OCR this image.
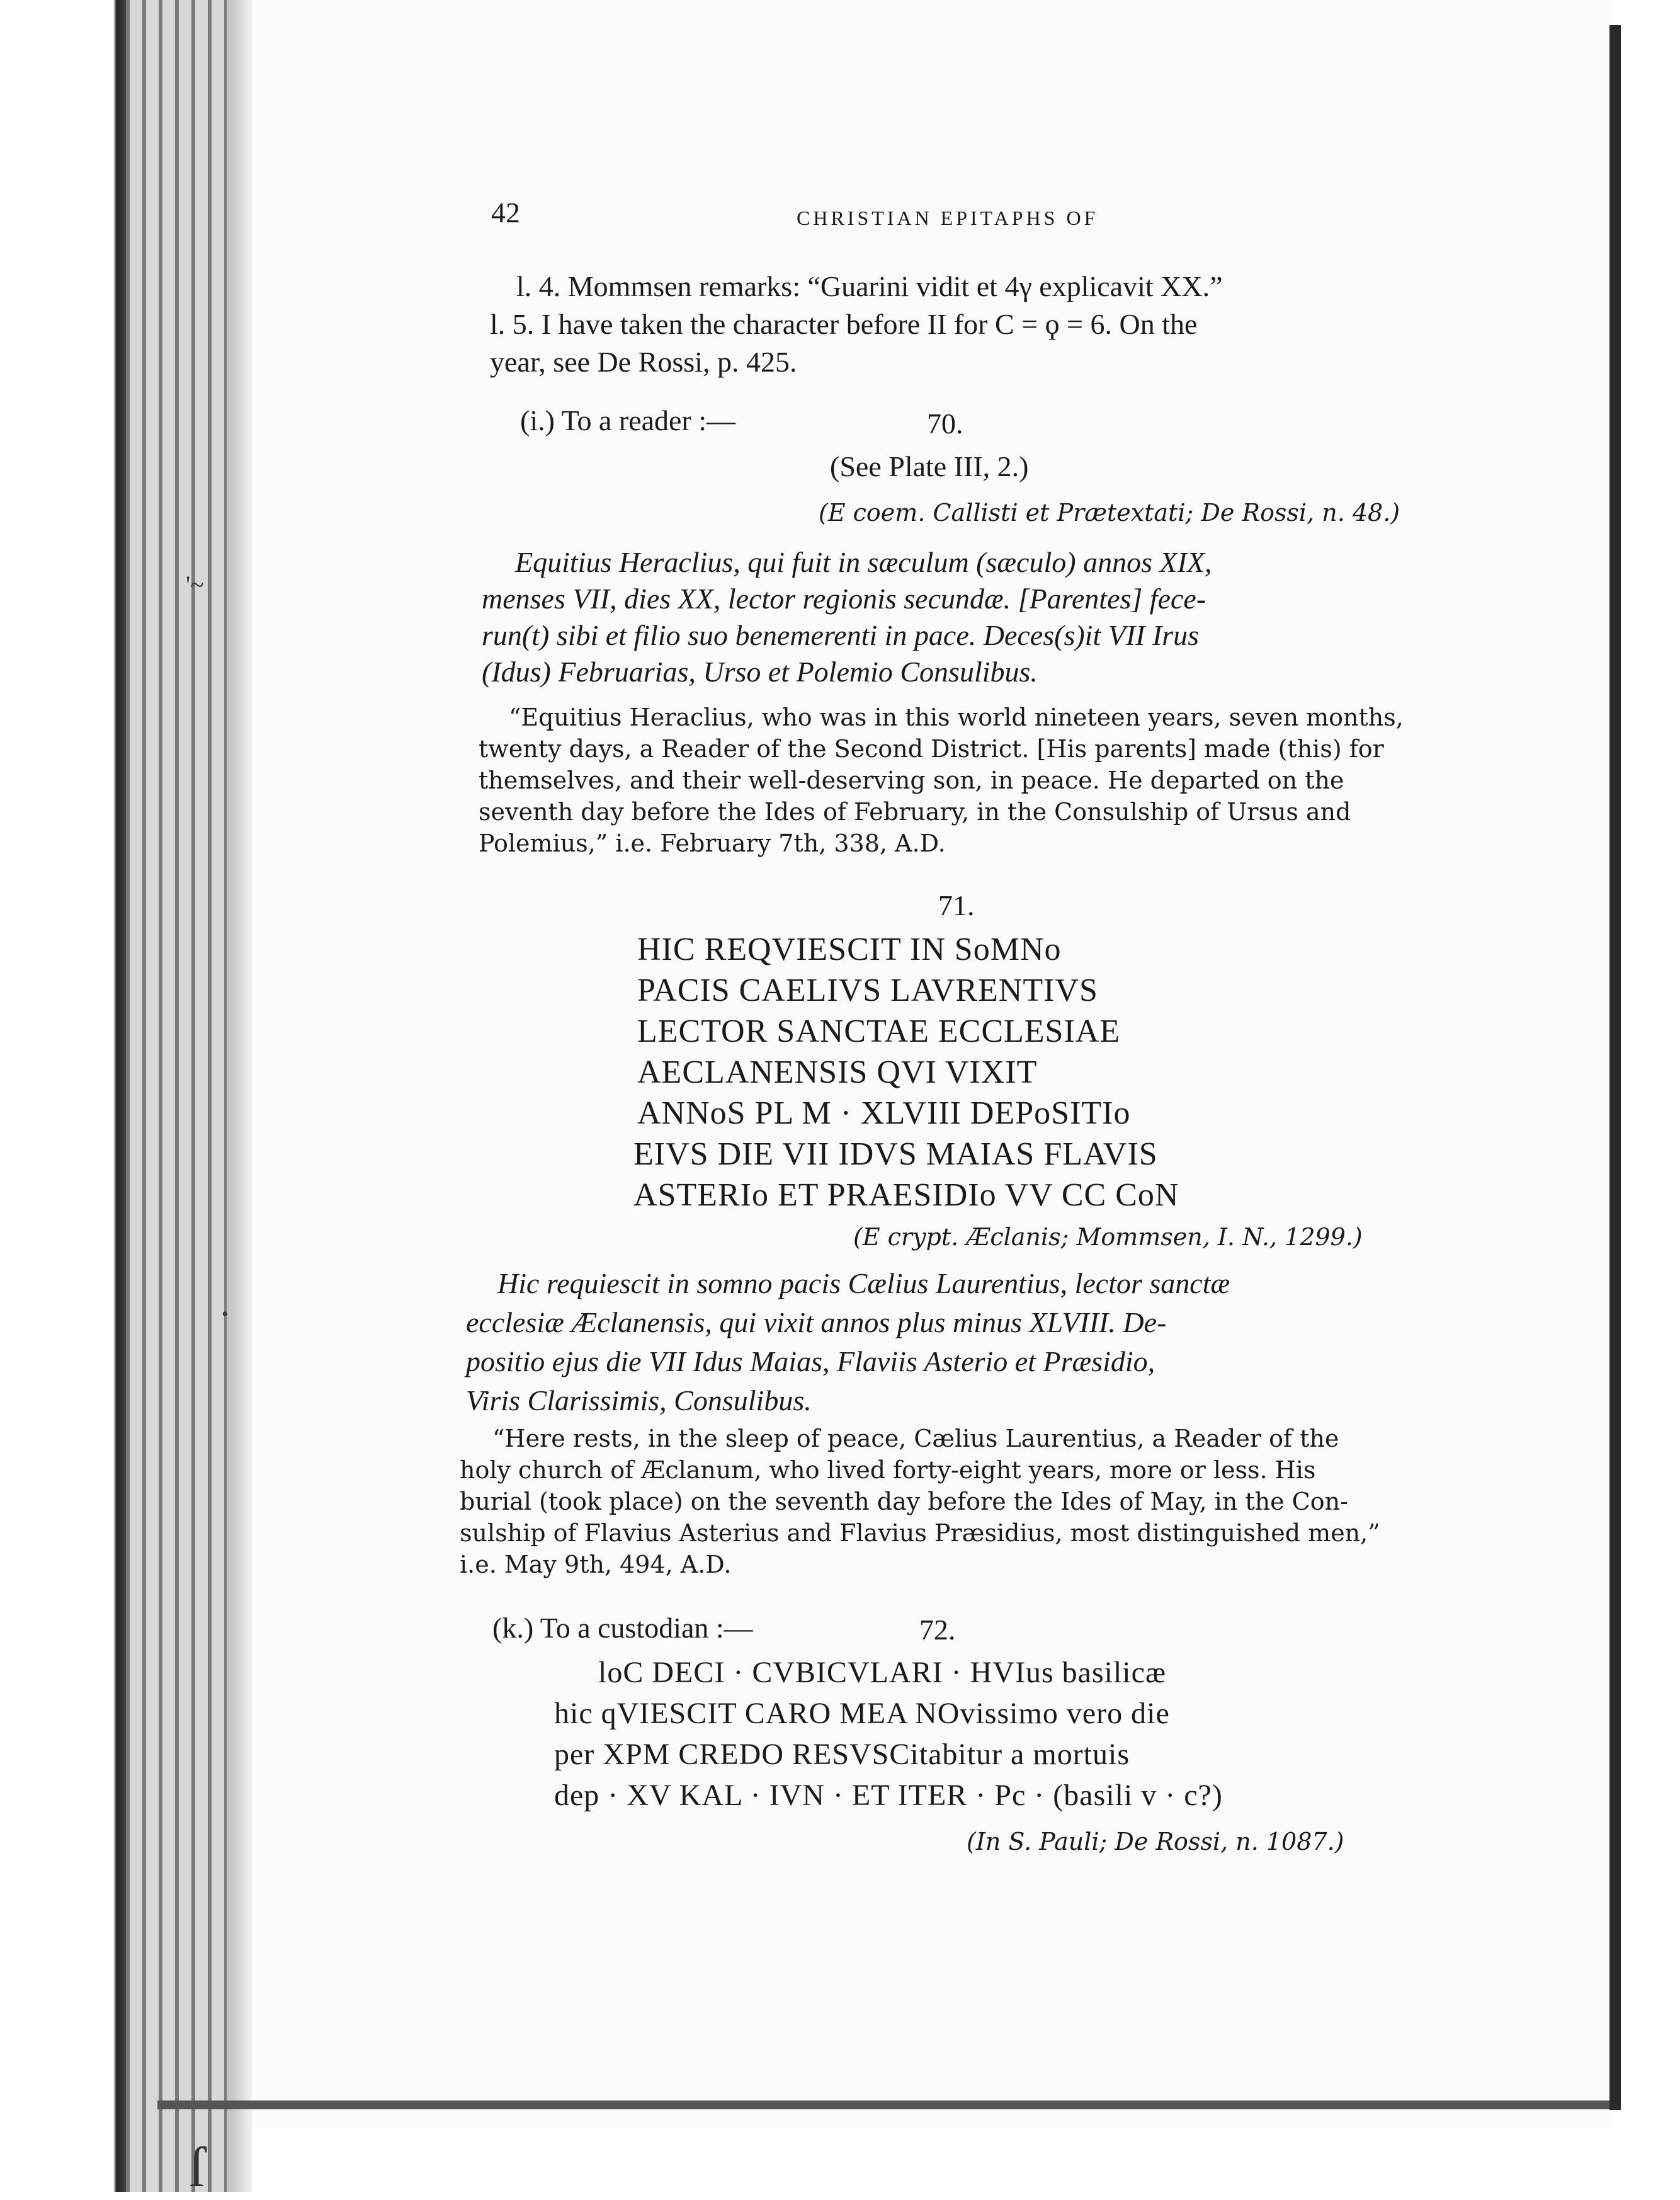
'~
ſ
•
42	CHRISTIAN EPITAPHS OF
l. 4. Mommsen remarks: “Guarini vidit et 4γ explicavit XX.”
l. 5. I have taken the character before II for C = ϙ = 6. On the
year, see De Rossi, p. 425.
(i.) To a reader :—	70.
(See Plate III, 2.)
(E coem. Callisti et Prætextati; De Rossi, n. 48.)
Equitius Heraclius, qui fuit in sæculum (sæculo) annos XIX,
menses VII, dies XX, lector regionis secundæ. [Parentes] fece-
run(t) sibi et filio suo benemerenti in pace. Deces(s)it VII Irus
(Idus) Februarias, Urso et Polemio Consulibus.
“Equitius Heraclius, who was in this world nineteen years, seven months,
twenty days, a Reader of the Second District. [His parents] made (this) for
themselves, and their well-deserving son, in peace. He departed on the
seventh day before the Ides of February, in the Consulship of Ursus and
Polemius,” i.e. February 7th, 338, A.D.
71.
HIC REQVIESCIT IN SoMNo
PACIS CAELIVS LAVRENTIVS
LECTOR SANCTAE ECCLESIAE
AECLANENSIS QVI VIXIT
ANNoS PL M · XLVIII DEPoSITIo
EIVS DIE VII IDVS MAIAS FLAVIS
ASTERIo ET PRAESIDIo VV CC CoN
(E crypt. Æclanis; Mommsen, I. N., 1299.)
Hic requiescit in somno pacis Cælius Laurentius, lector sanctæ
ecclesiæ Æclanensis, qui vixit annos plus minus XLVIII. De-
positio ejus die VII Idus Maias, Flaviis Asterio et Præsidio,
Viris Clarissimis, Consulibus.
“Here rests, in the sleep of peace, Cælius Laurentius, a Reader of the
holy church of Æclanum, who lived forty-eight years, more or less. His
burial (took place) on the seventh day before the Ides of May, in the Con-
sulship of Flavius Asterius and Flavius Præsidius, most distinguished men,”
i.e. May 9th, 494, A.D.
(k.) To a custodian :—	72.
loC DECI · CVBICVLARI · HVIus basilicæ
hic qVIESCIT CARO MEA NOvissimo vero die
per XPM CREDO RESVSCitabitur a mortuis
dep · XV KAL · IVN · ET ITER · Pc · (basili v · c?)
(In S. Pauli; De Rossi, n. 1087.)
